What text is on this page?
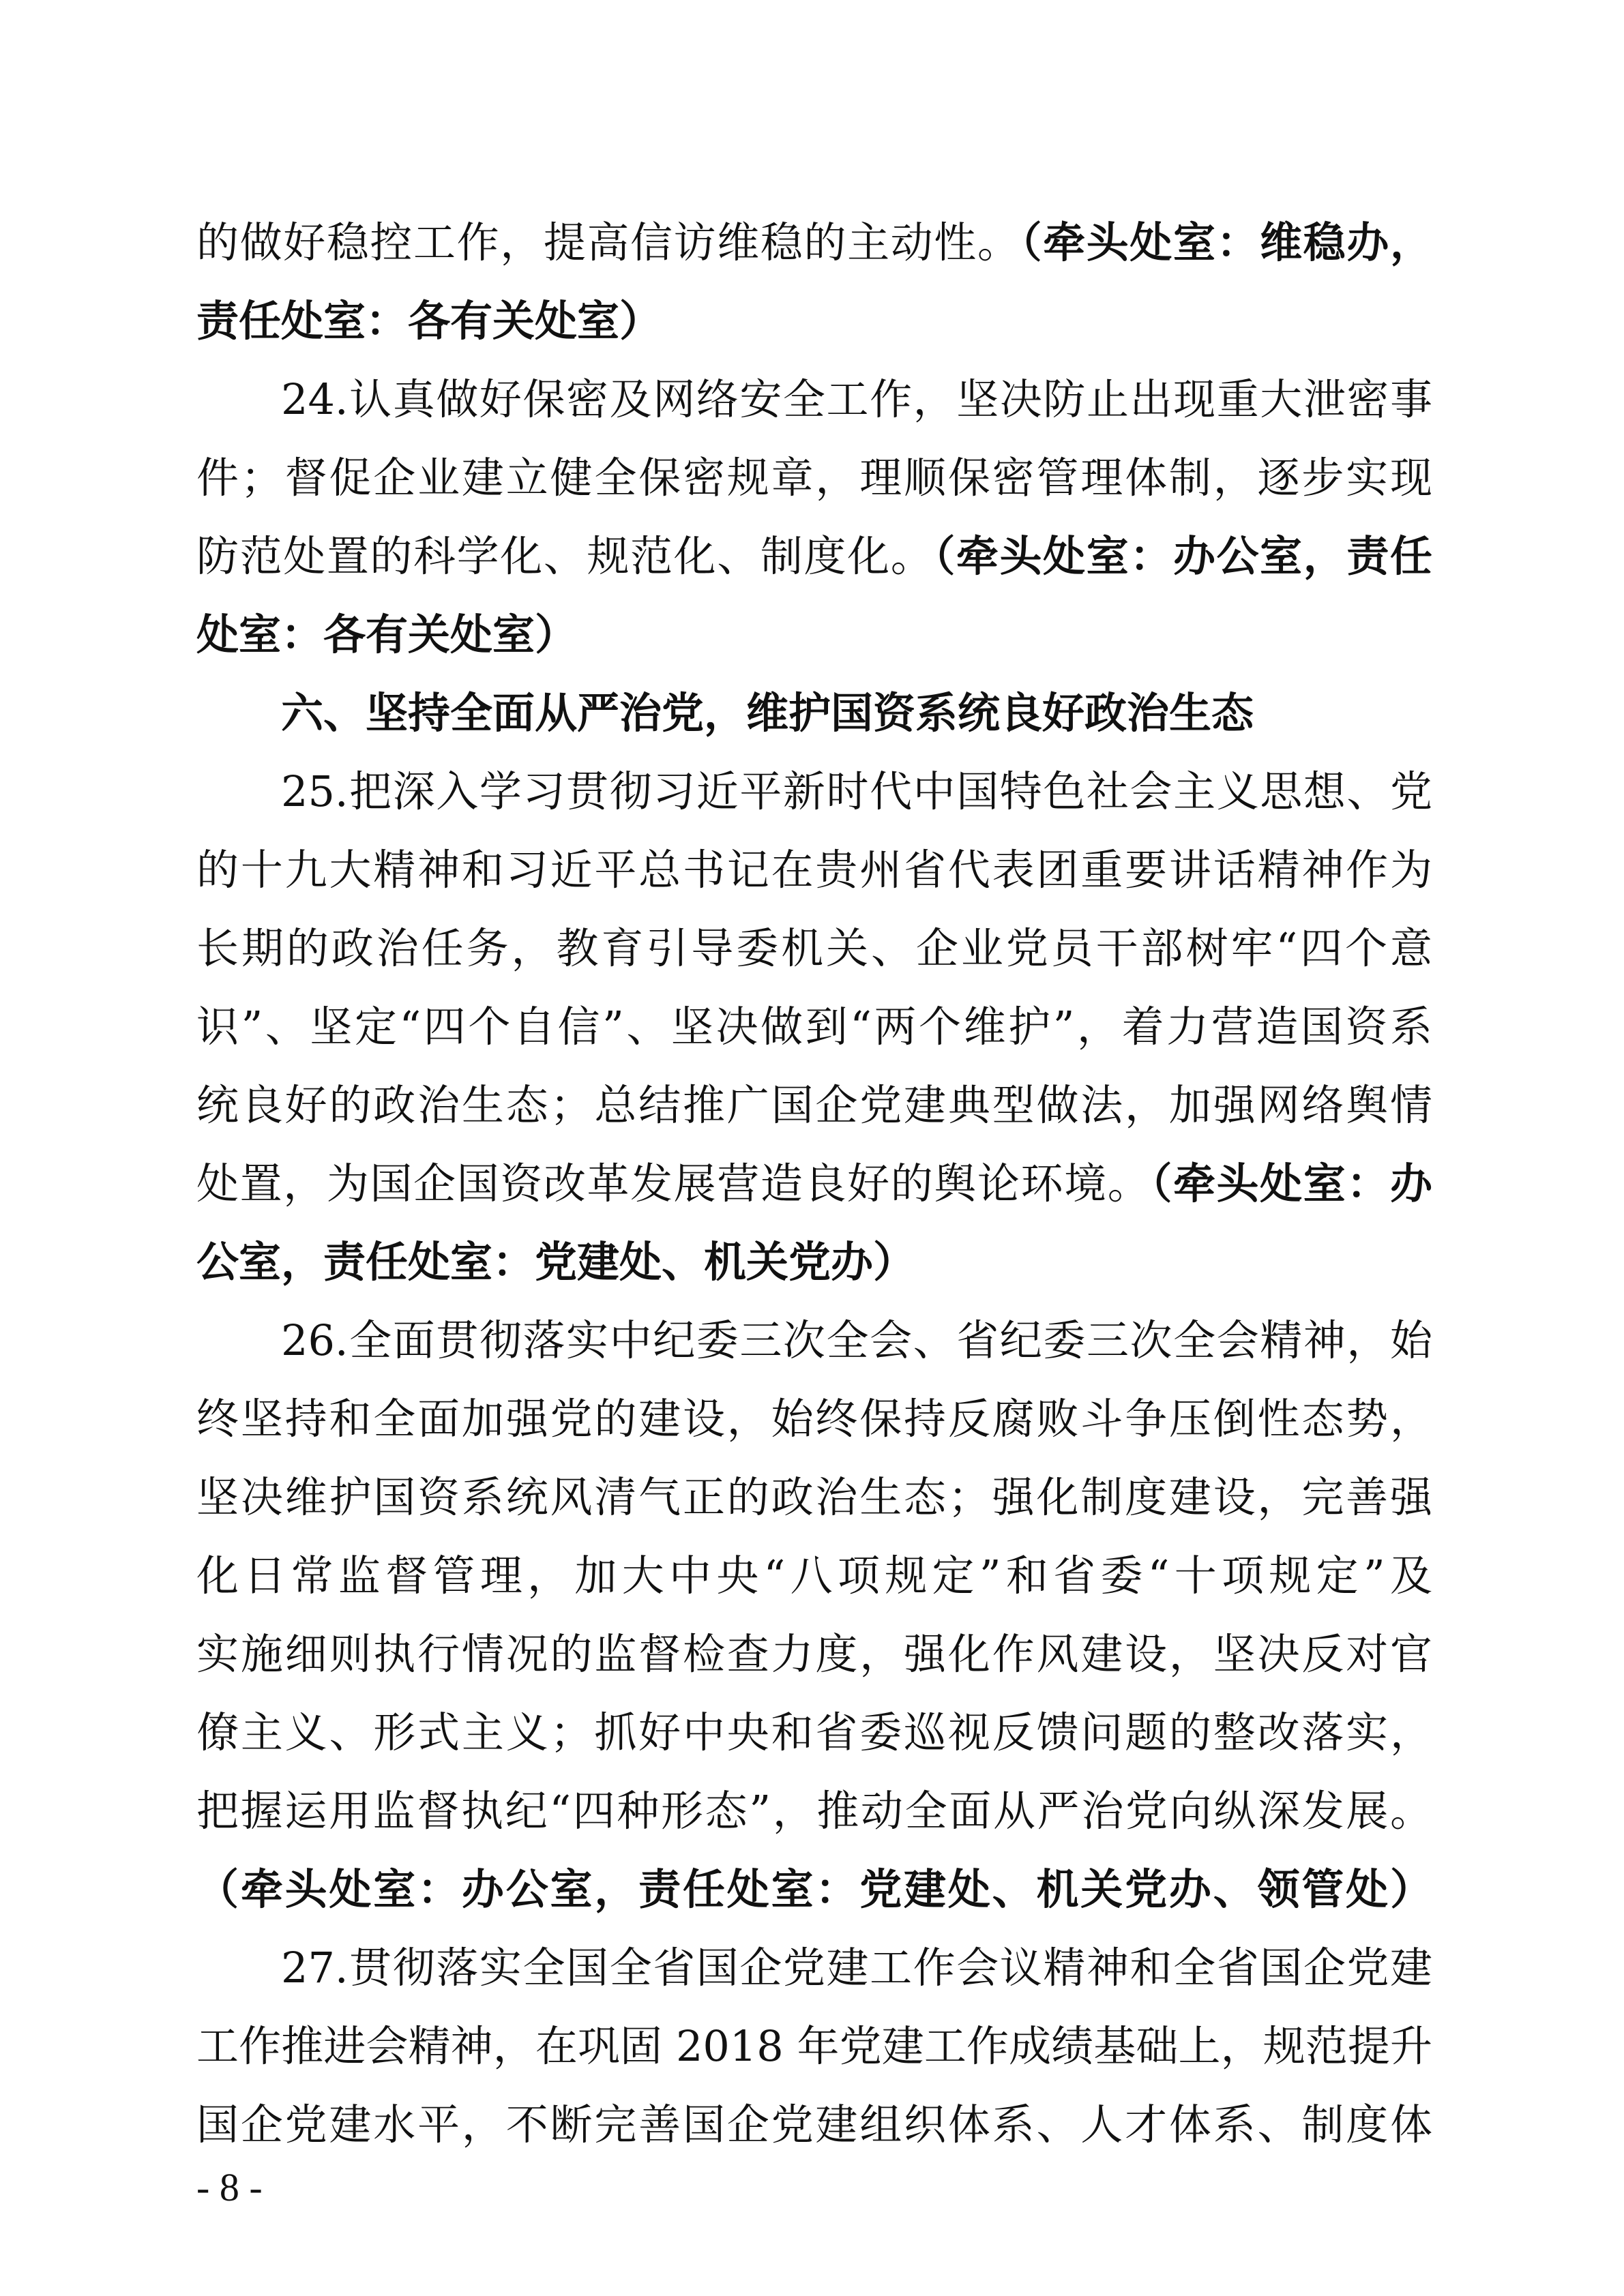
的做好稳控工作，提高信访维稳的主动性。（牵头处室：维稳办，
责任处室：各有关处室）
24.认真做好保密及网络安全工作，坚决防止出现重大泄密事
件；督促企业建立健全保密规章，理顺保密管理体制，逐步实现
防范处置的科学化、规范化、制度化。（牵头处室：办公室，责任
处室：各有关处室）
六、坚持全面从严治党，维护国资系统良好政治生态
25.把深入学习贯彻习近平新时代中国特色社会主义思想、党
的十九大精神和习近平总书记在贵州省代表团重要讲话精神作为
长期的政治任务，教育引导委机关、企业党员干部树牢“四个意
识”、坚定“四个自信”、坚决做到“两个维护”，着力营造国资系
统良好的政治生态；总结推广国企党建典型做法，加强网络舆情
处置，为国企国资改革发展营造良好的舆论环境。（牵头处室：办
公室，责任处室：党建处、机关党办）
26.全面贯彻落实中纪委三次全会、省纪委三次全会精神，始
终坚持和全面加强党的建设，始终保持反腐败斗争压倒性态势，
坚决维护国资系统风清气正的政治生态；强化制度建设，完善强
化日常监督管理，加大中央“八项规定”和省委“十项规定”及
实施细则执行情况的监督检查力度，强化作风建设，坚决反对官
僚主义、形式主义；抓好中央和省委巡视反馈问题的整改落实，
把握运用监督执纪“四种形态”，推动全面从严治党向纵深发展。
（牵头处室：办公室，责任处室：党建处、机关党办、领管处）
27.贯彻落实全国全省国企党建工作会议精神和全省国企党建
工作推进会精神，在巩固 2018 年党建工作成绩基础上，规范提升
国企党建水平，不断完善国企党建组织体系、人才体系、制度体
- 8 -
